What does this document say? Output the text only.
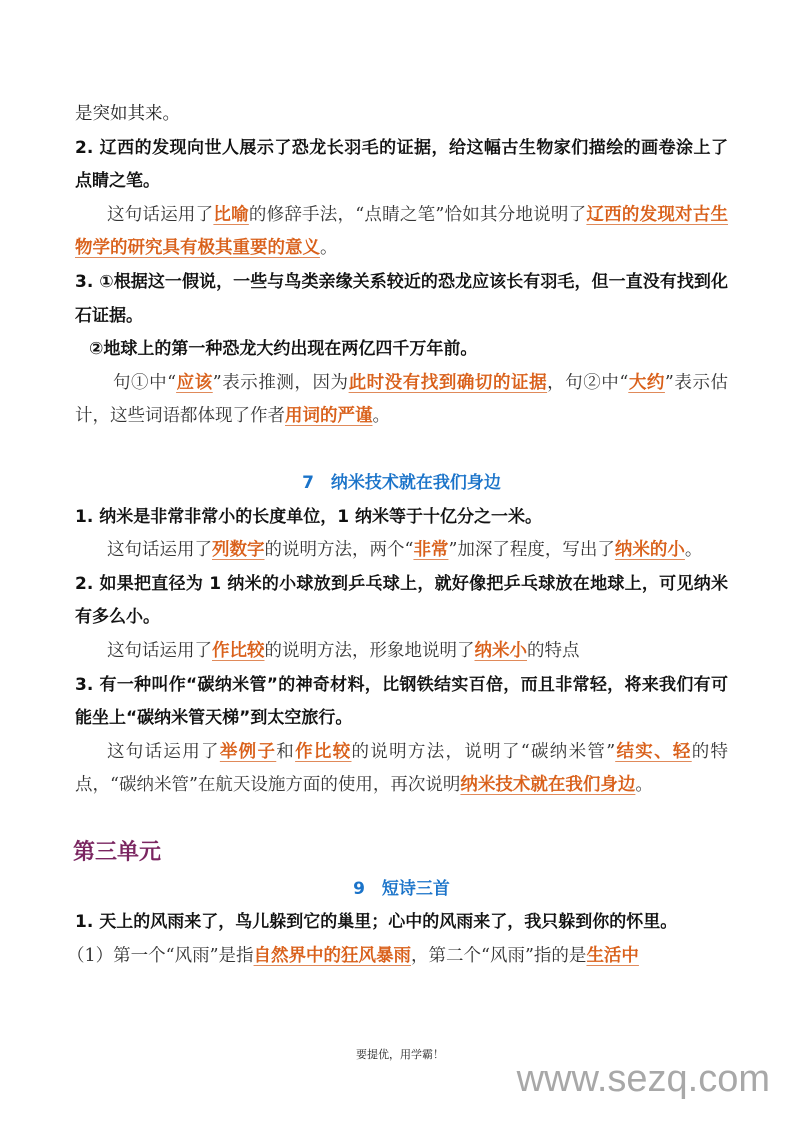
是突如其来。

2. 辽西的发现向世人展示了恐龙长羽毛的证据，给这幅古生物家们描绘的画卷涂上了点睛之笔。

这句话运用了比喻的修辞手法，“点睛之笔”恰如其分地说明了辽西的发现对古生物学的研究具有极其重要的意义。

3. ①根据这一假说，一些与鸟类亲缘关系较近的恐龙应该长有羽毛，但一直没有找到化石证据。

②地球上的第一种恐龙大约出现在两亿四千万年前。

句①中“应该”表示推测，因为此时没有找到确切的证据，句②中“大约”表示估计，这些词语都体现了作者用词的严谨。

7　纳米技术就在我们身边

1. 纳米是非常非常小的长度单位，1 纳米等于十亿分之一米。

这句话运用了列数字的说明方法，两个“非常”加深了程度，写出了纳米的小。

2. 如果把直径为 1 纳米的小球放到乒乓球上，就好像把乒乓球放在地球上，可见纳米有多么小。

这句话运用了作比较的说明方法，形象地说明了纳米小的特点

3. 有一种叫作“碳纳米管”的神奇材料，比钢铁结实百倍，而且非常轻，将来我们有可能坐上“碳纳米管天梯”到太空旅行。

这句话运用了举例子和作比较的说明方法，说明了“碳纳米管”结实、轻的特点，“碳纳米管”在航天设施方面的使用，再次说明纳米技术就在我们身边。

第三单元

9　短诗三首

1. 天上的风雨来了，鸟儿躲到它的巢里；心中的风雨来了，我只躲到你的怀里。

（1）第一个“风雨”是指自然界中的狂风暴雨，第二个“风雨”指的是生活中

要提优，用学霸！
www.sezq.com
